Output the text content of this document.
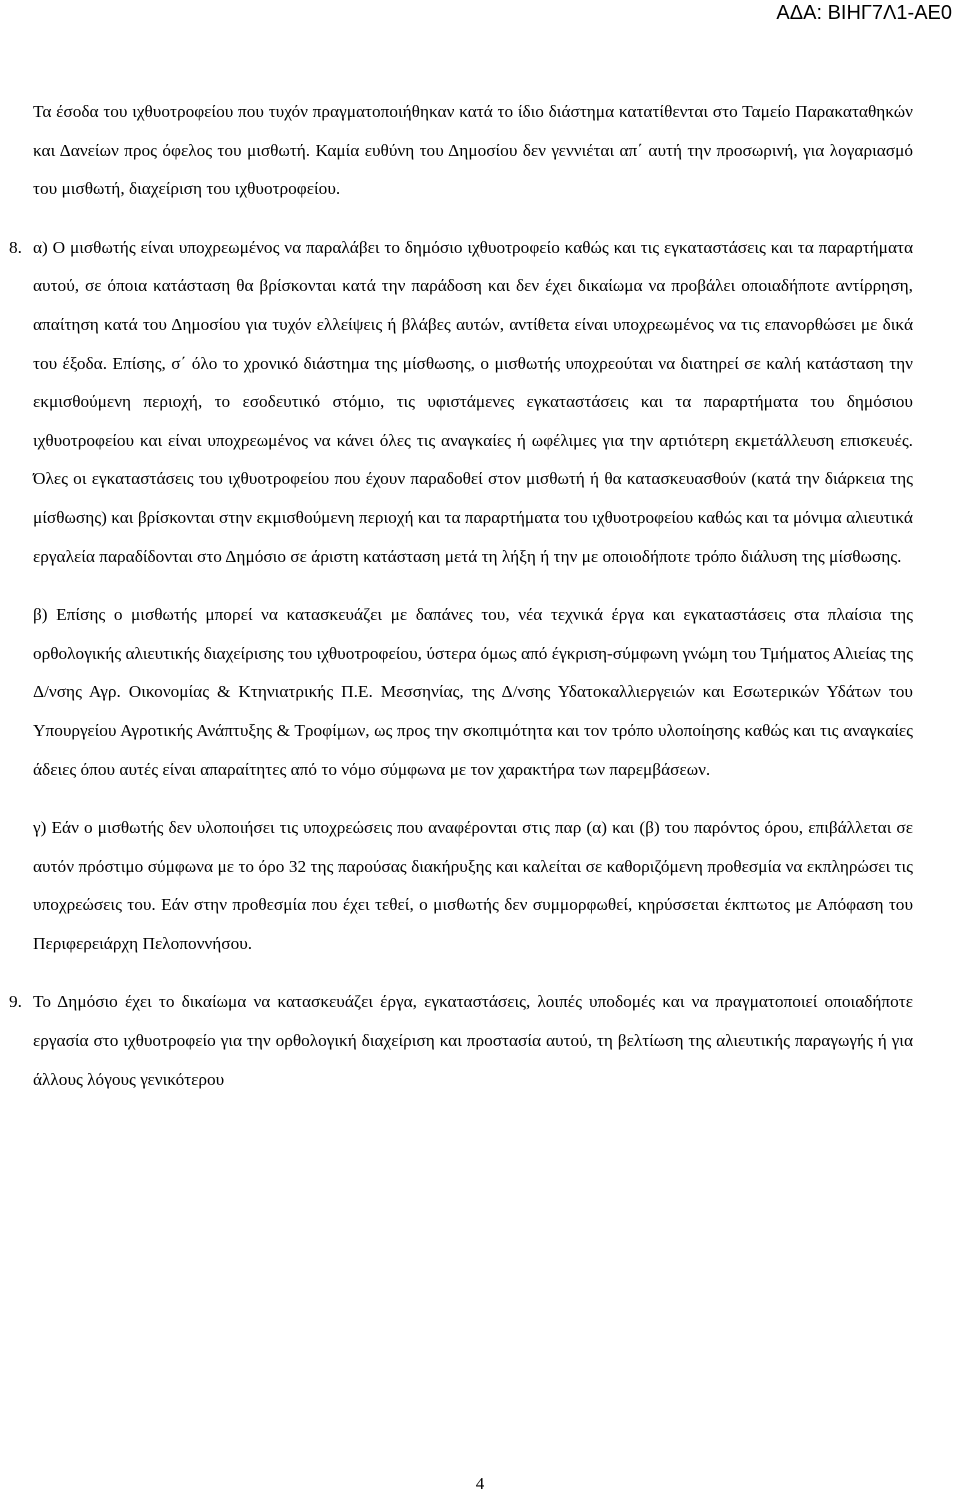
ΑΔΑ: ΒΙΗΓ7Λ1-ΑΕ0

Τα έσοδα του ιχθυοτροφείου που τυχόν πραγματοποιήθηκαν κατά το ίδιο διάστημα κατατίθενται στο Ταμείο Παρακαταθηκών και Δανείων προς όφελος του μισθωτή. Καμία ευθύνη του Δημοσίου δεν γεννιέται απ΄ αυτή την προσωρινή, για λογαριασμό του μισθωτή, διαχείριση του ιχθυοτροφείου.

8. α) Ο μισθωτής είναι υποχρεωμένος να παραλάβει το δημόσιο ιχθυοτροφείο καθώς και τις εγκαταστάσεις και τα παραρτήματα αυτού, σε όποια κατάσταση θα βρίσκονται κατά την παράδοση και δεν έχει δικαίωμα να προβάλει οποιαδήποτε αντίρρηση, απαίτηση κατά του Δημοσίου για τυχόν ελλείψεις ή βλάβες αυτών, αντίθετα είναι υποχρεωμένος να τις επανορθώσει με δικά του έξοδα. Επίσης, σ΄ όλο το χρονικό διάστημα της μίσθωσης, ο μισθωτής υποχρεούται να διατηρεί σε καλή κατάσταση την εκμισθούμενη περιοχή, το εσοδευτικό στόμιο, τις υφιστάμενες εγκαταστάσεις και τα παραρτήματα του δημόσιου ιχθυοτροφείου και είναι υποχρεωμένος να κάνει όλες τις αναγκαίες ή ωφέλιμες για την αρτιότερη εκμετάλλευση επισκευές. Όλες οι εγκαταστάσεις του ιχθυοτροφείου που έχουν παραδοθεί στον μισθωτή ή θα κατασκευασθούν (κατά την διάρκεια της μίσθωσης) και βρίσκονται στην εκμισθούμενη περιοχή και τα παραρτήματα του ιχθυοτροφείου καθώς και τα μόνιμα αλιευτικά εργαλεία παραδίδονται στο Δημόσιο σε άριστη κατάσταση μετά τη λήξη ή την με οποιοδήποτε τρόπο διάλυση της μίσθωσης.

β) Επίσης ο μισθωτής μπορεί να κατασκευάζει με δαπάνες του, νέα τεχνικά έργα και εγκαταστάσεις στα πλαίσια της ορθολογικής αλιευτικής διαχείρισης του ιχθυοτροφείου, ύστερα όμως από έγκριση-σύμφωνη γνώμη του Τμήματος Αλιείας της Δ/νσης Αγρ. Οικονομίας & Κτηνιατρικής Π.Ε. Μεσσηνίας, της Δ/νσης Υδατοκαλλιεργειών και Εσωτερικών Υδάτων του Υπουργείου Αγροτικής Ανάπτυξης & Τροφίμων, ως προς την σκοπιμότητα και τον τρόπο υλοποίησης καθώς και τις αναγκαίες άδειες όπου αυτές είναι απαραίτητες από το νόμο σύμφωνα με τον χαρακτήρα των παρεμβάσεων.

γ) Εάν ο μισθωτής δεν υλοποιήσει τις υποχρεώσεις που αναφέρονται στις παρ (α) και (β) του παρόντος όρου, επιβάλλεται σε αυτόν πρόστιμο σύμφωνα με το όρο 32 της παρούσας διακήρυξης και καλείται σε καθοριζόμενη προθεσμία να εκπληρώσει τις υποχρεώσεις του. Εάν στην προθεσμία που έχει τεθεί, ο μισθωτής δεν συμμορφωθεί, κηρύσσεται έκπτωτος με Απόφαση του Περιφερειάρχη Πελοποννήσου.

9. Το Δημόσιο έχει το δικαίωμα να κατασκευάζει έργα, εγκαταστάσεις, λοιπές υποδομές και να πραγματοποιεί οποιαδήποτε εργασία στο ιχθυοτροφείο για την ορθολογική διαχείριση και προστασία αυτού, τη βελτίωση της αλιευτικής παραγωγής ή για άλλους λόγους γενικότερου

4
